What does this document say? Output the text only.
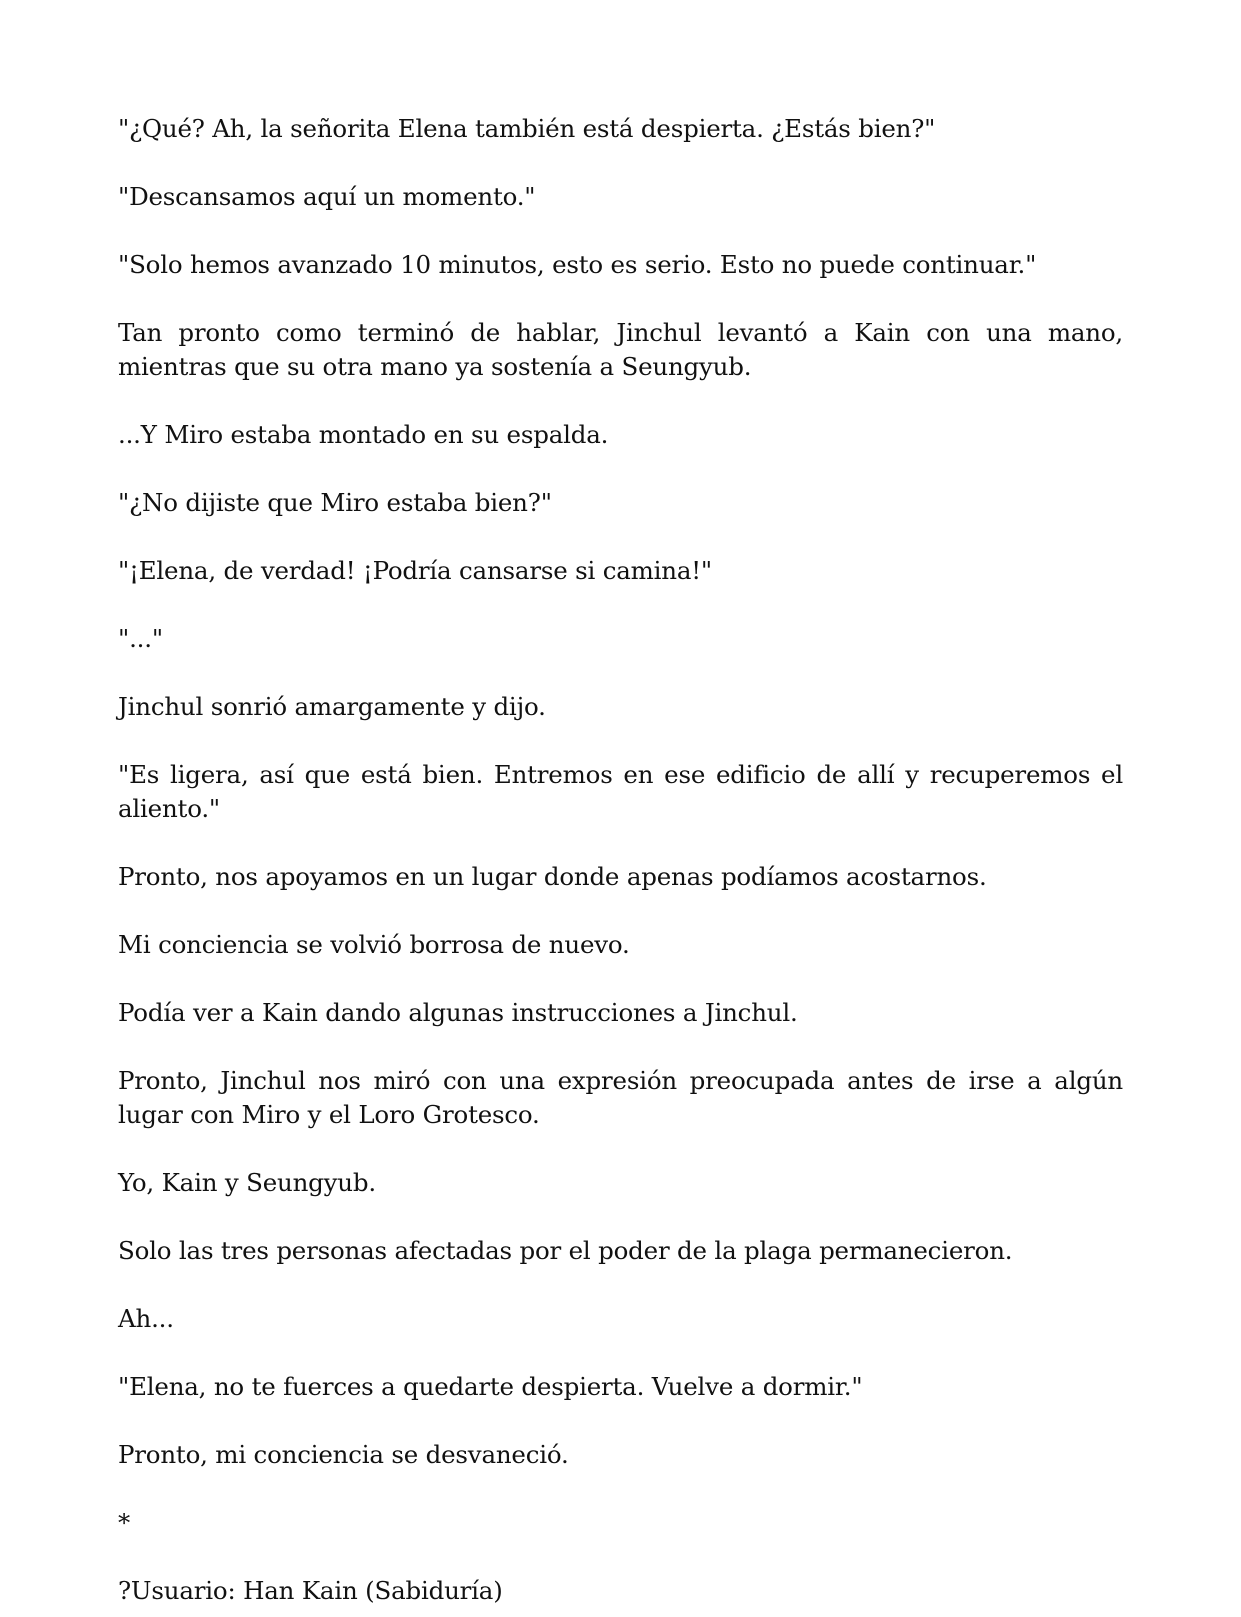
"¿Qué? Ah, la señorita Elena también está despierta. ¿Estás bien?"

"Descansamos aquí un momento."

"Solo hemos avanzado 10 minutos, esto es serio. Esto no puede continuar."

Tan pronto como terminó de hablar, Jinchul levantó a Kain con una mano, mientras que su otra mano ya sostenía a Seungyub.

...Y Miro estaba montado en su espalda.

"¿No dijiste que Miro estaba bien?"

"¡Elena, de verdad! ¡Podría cansarse si camina!"

"..."

Jinchul sonrió amargamente y dijo.

"Es ligera, así que está bien. Entremos en ese edificio de allí y recuperemos el aliento."

Pronto, nos apoyamos en un lugar donde apenas podíamos acostarnos.

Mi conciencia se volvió borrosa de nuevo.

Podía ver a Kain dando algunas instrucciones a Jinchul.

Pronto, Jinchul nos miró con una expresión preocupada antes de irse a algún lugar con Miro y el Loro Grotesco.

Yo, Kain y Seungyub.

Solo las tres personas afectadas por el poder de la plaga permanecieron.

Ah...

"Elena, no te fuerces a quedarte despierta. Vuelve a dormir."

Pronto, mi conciencia se desvaneció.

*

?Usuario: Han Kain (Sabiduría)
